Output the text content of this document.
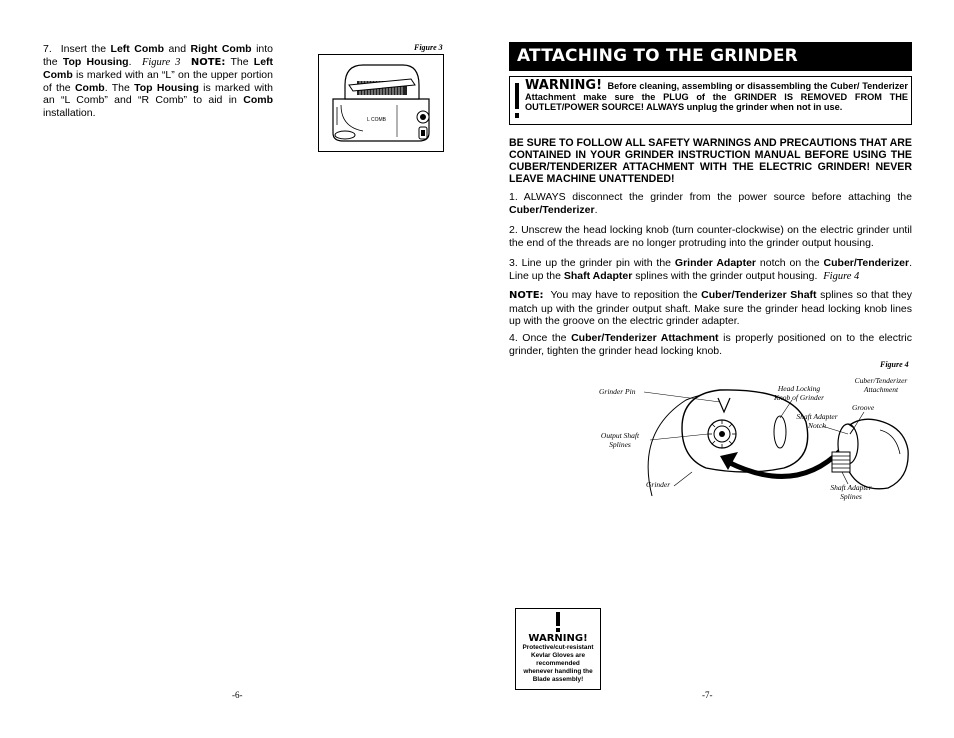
7. Insert the Left Comb and Right Comb into the Top Housing. Figure 3 NOTE: The Left Comb is marked with an “L” on the upper portion of the Comb. The Top Housing is marked with an “L Comb” and “R Comb” to aid in Comb installation.
Figure 3
L COMB
-6-
ATTACHING TO THE GRINDER
WARNING! Before cleaning, assembling or disassembling the Cuber/ Tenderizer Attachment make sure the PLUG of the GRINDER IS REMOVED FROM THE OUTLET/POWER SOURCE! ALWAYS unplug the grinder when not in use.
BE SURE TO FOLLOW ALL SAFETY WARNINGS AND PRECAUTIONS THAT ARE CONTAINED IN YOUR GRINDER INSTRUCTION MANUAL BEFORE USING THE CUBER/TENDERIZER ATTACHMENT WITH THE ELECTRIC GRINDER! NEVER LEAVE MACHINE UNATTENDED!
1. ALWAYS disconnect the grinder from the power source before attaching the Cuber/Tenderizer.
2. Unscrew the head locking knob (turn counter-clockwise) on the electric grinder until the end of the threads are no longer protruding into the grinder output housing.
3. Line up the grinder pin with the Grinder Adapter notch on the Cuber/Tenderizer. Line up the Shaft Adapter splines with the grinder output housing. Figure 4
NOTE: You may have to reposition the Cuber/Tenderizer Shaft splines so that they match up with the grinder output shaft. Make sure the grinder head locking knob lines up with the groove on the electric grinder adapter.
4. Once the Cuber/Tenderizer Attachment is properly positioned on to the electric grinder, tighten the grinder head locking knob.
Figure 4
Grinder Pin	Head Locking
Knob of Grinder
Cuber/Tenderizer
Attachment
Shaft Adapter
Notch
Groove
Output Shaft
Splines
Grinder	Shaft Adapter
Splines
WARNING!
Protective/cut-resistant
Kevlar Gloves are
recommended
whenever handling the
Blade assembly!
-7-
